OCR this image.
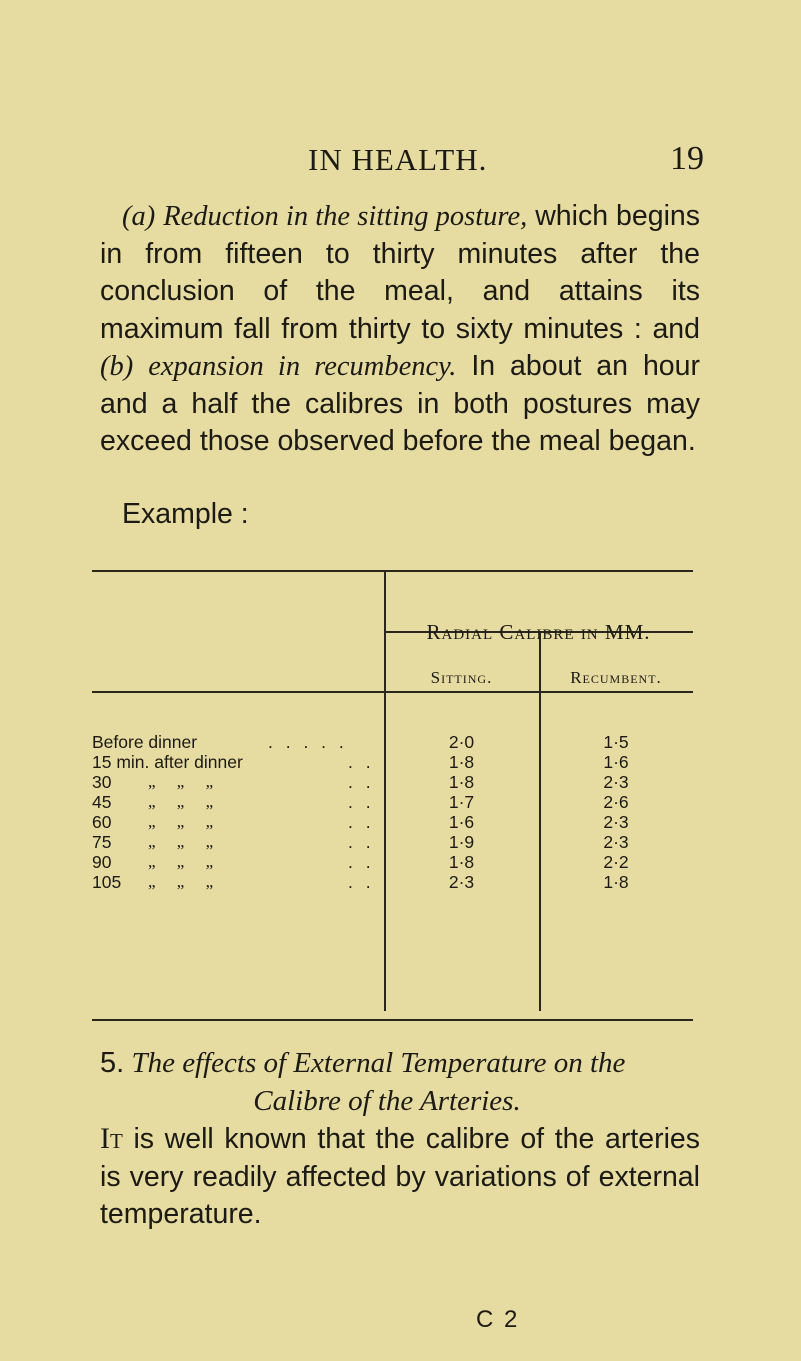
IN HEALTH.	19

(a) Reduction in the sitting posture, which begins in from fifteen to thirty minutes after the conclusion of the meal, and attains its maximum fall from thirty to sixty minutes : and (b) expansion in recumbency. In about an hour and a half the calibres in both postures may exceed those observed before the meal began.

Example :
Radial Calibre in MM.
Sitting.	Recumbent.
Before dinner	. . . . .	2·0	1·5
15 min. after dinner	. .	1·8	1·6
30 „     „     „	. .	1·8	2·3
45 „     „     „	. .	1·7	2·6
60 „     „     „	. .	1·6	2·3
75 „     „     „	. .	1·9	2·3
90 „     „     „	. .	1·8	2·2
105 „     „     „	. .	2·3	1·8
5. The effects of External Temperature on the
Calibre of the Arteries.

It is well known that the calibre of the arteries is very readily affected by variations of external temperature.

C 2
